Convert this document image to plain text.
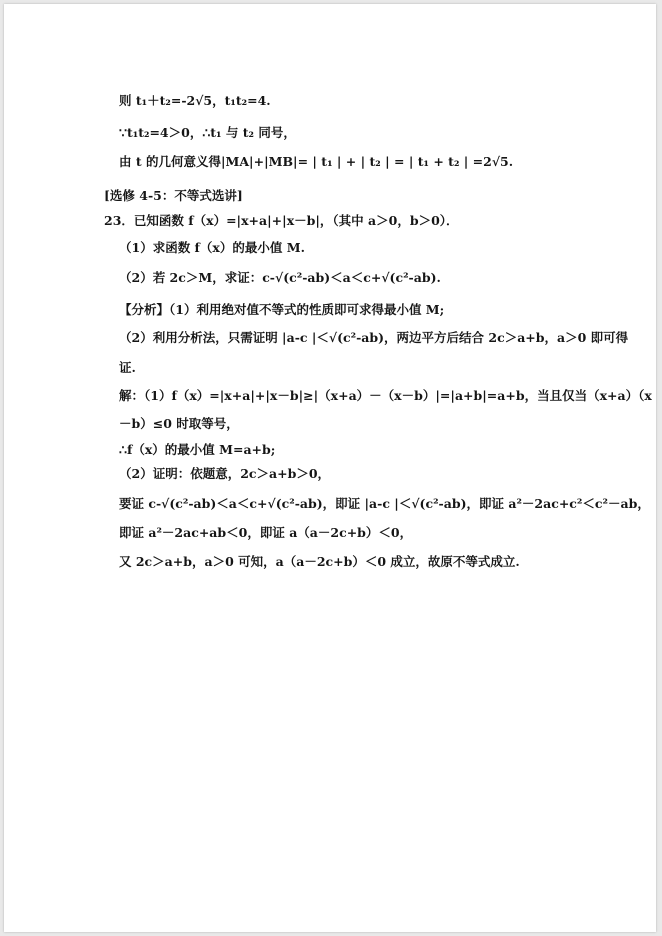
则 t₁＋t₂=-2√5，t₁t₂=4.
∵t₁t₂=4＞0，∴t₁ 与 t₂ 同号，
由 t 的几何意义得|MA|+|MB|= | t₁ | + | t₂ | = | t₁ + t₂ | =2√5.
[选修 4-5：不等式选讲]
23．已知函数 f（x）=|x+a|+|x－b|，（其中 a＞0，b＞0）．
（1）求函数 f（x）的最小值 M.
（2）若 2c＞M，求证：c-√(c²-ab)＜a＜c+√(c²-ab).
【分析】（1）利用绝对值不等式的性质即可求得最小值 M;
（2）利用分析法，只需证明 |a-c |＜√(c²-ab)，两边平方后结合 2c＞a+b，a＞0 即可得
证.
解：（1）f（x）=|x+a|+|x－b|≥|（x+a）－（x－b）|=|a+b|=a+b，当且仅当（x+a）（x
－b）≤0 时取等号，
∴f（x）的最小值 M=a+b;
（2）证明：依题意，2c＞a+b＞0，
要证 c-√(c²-ab)＜a＜c+√(c²-ab)，即证 |a-c |＜√(c²-ab)，即证 a²－2ac+c²＜c²－ab，
即证 a²－2ac+ab＜0，即证 a（a－2c+b）＜0，
又 2c＞a+b，a＞0 可知，a（a－2c+b）＜0 成立，故原不等式成立.
